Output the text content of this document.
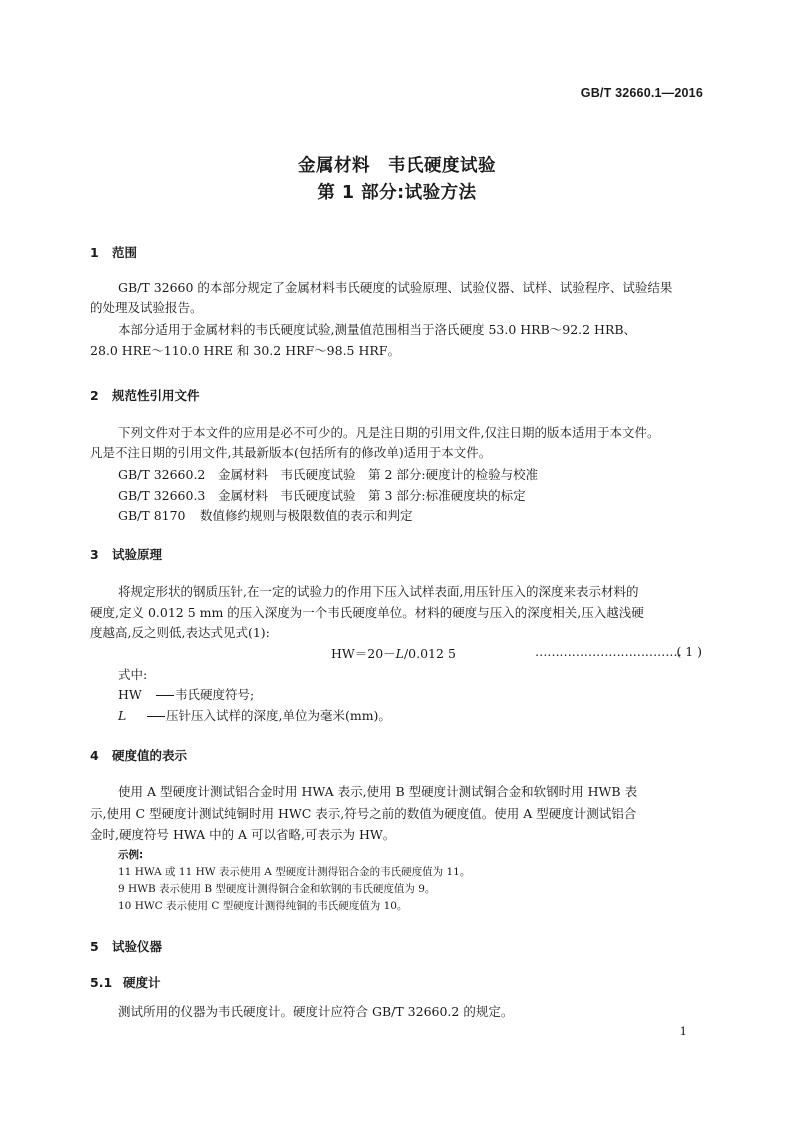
GB/T 32660.1—2016
金属材料　韦氏硬度试验
第 1 部分:试验方法
1 范围
GB/T 32660 的本部分规定了金属材料韦氏硬度的试验原理、试验仪器、试样、试验程序、试验结果
的处理及试验报告。
本部分适用于金属材料的韦氏硬度试验,测量值范围相当于洛氏硬度 53.0 HRB～92.2 HRB、
28.0 HRE～110.0 HRE 和 30.2 HRF～98.5 HRF。
2 规范性引用文件
下列文件对于本文件的应用是必不可少的。凡是注日期的引用文件,仅注日期的版本适用于本文件。
凡是不注日期的引用文件,其最新版本(包括所有的修改单)适用于本文件。
GB/T 32660.2 金属材料　韦氏硬度试验　第 2 部分:硬度计的检验与校准
GB/T 32660.3 金属材料　韦氏硬度试验　第 3 部分:标准硬度块的标定
GB/T 8170 数值修约规则与极限数值的表示和判定
3 试验原理
将规定形状的钢质压针,在一定的试验力的作用下压入试样表面,用压针压入的深度来表示材料的
硬度,定义 0.012 5 mm 的压入深度为一个韦氏硬度单位。材料的硬度与压入的深度相关,压入越浅硬
度越高,反之则低,表达式见式(1):
HW＝20－L/0.012 5	………………………………
( 1 )
式中:
HW	韦氏硬度符号;
L	压针压入试样的深度,单位为毫米(mm)。
4 硬度值的表示
使用 A 型硬度计测试铝合金时用 HWA 表示,使用 B 型硬度计测试铜合金和软钢时用 HWB 表
示,使用 C 型硬度计测试纯铜时用 HWC 表示,符号之前的数值为硬度值。使用 A 型硬度计测试铝合
金时,硬度符号 HWA 中的 A 可以省略,可表示为 HW。
示例:
11 HWA 或 11 HW 表示使用 A 型硬度计测得铝合金的韦氏硬度值为 11。
9 HWB 表示使用 B 型硬度计测得铜合金和软钢的韦氏硬度值为 9。
10 HWC 表示使用 C 型硬度计测得纯铜的韦氏硬度值为 10。
5 试验仪器
5.1 硬度计
测试所用的仪器为韦氏硬度计。硬度计应符合 GB/T 32660.2 的规定。
1
